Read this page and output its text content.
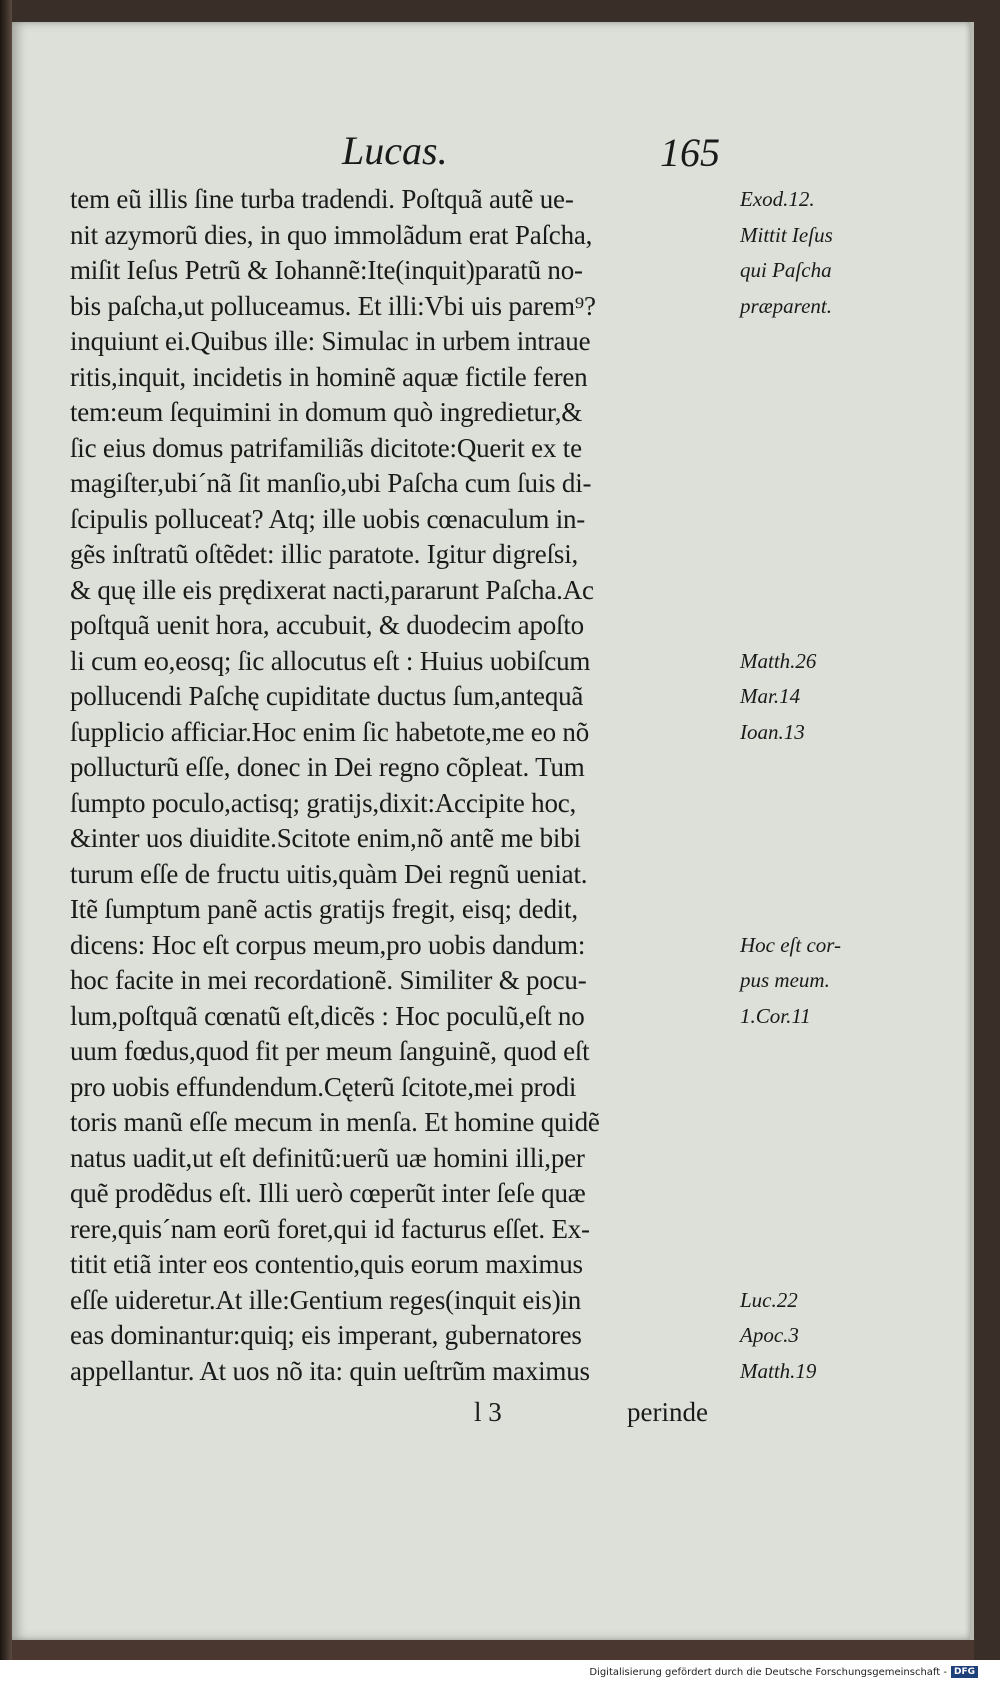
Lucas.	165
tem eũ illis ſine turba tradendi. Poſtquã autẽ ue-
nit azymorũ dies, in quo immolãdum erat Paſcha,
miſit Ieſus Petrũ & Iohannẽ:Ite(inquit)paratũ no-
bis paſcha,ut polluceamus. Et illi:Vbi uis parem⁹?
inquiunt ei.Quibus ille: Simulac in urbem intraue
ritis,inquit, incidetis in hominẽ aquæ fictile feren
tem:eum ſequimini in domum quò ingredietur,&
ſic eius domus patrifamiliãs dicitote:Querit ex te
magiſter,ubi´nã ſit manſio,ubi Paſcha cum ſuis di-
ſcipulis polluceat? Atq; ille uobis cœnaculum in-
gẽs inſtratũ oſtẽdet: illic paratote. Igitur digreſsi,
& quę ille eis prędixerat nacti,pararunt Paſcha.Ac
poſtquã uenit hora, accubuit, & duodecim apoſto
li cum eo,eosq; ſic allocutus eſt : Huius uobiſcum
pollucendi Paſchę cupiditate ductus ſum,antequã
ſupplicio afficiar.Hoc enim ſic habetote,me eo nõ
pollucturũ eſſe, donec in Dei regno cõpleat. Tum
ſumpto poculo,actisq; gratijs,dixit:Accipite hoc,
&inter uos diuidite.Scitote enim,nõ antẽ me bibi
turum eſſe de fructu uitis,quàm Dei regnũ ueniat.
Itẽ ſumptum panẽ actis gratijs fregit, eisq; dedit,
dicens: Hoc eſt corpus meum,pro uobis dandum:
hoc facite in mei recordationẽ. Similiter & pocu-
lum,poſtquã cœnatũ eſt,dicẽs : Hoc poculũ,eſt no
uum fœdus,quod fit per meum ſanguinẽ, quod eſt
pro uobis effundendum.Cęterũ ſcitote,mei prodi
toris manũ eſſe mecum in menſa. Et homine quidẽ
natus uadit,ut eſt definitũ:uerũ uæ homini illi,per
quẽ prodẽdus eſt. Illi uerò cœperũt inter ſeſe quæ
rere,quis´nam eorũ foret,qui id facturus eſſet. Ex-
titit etiã inter eos contentio,quis eorum maximus
eſſe uideretur.At ille:Gentium reges(inquit eis)in
eas dominantur:quiq; eis imperant, gubernatores
appellantur. At uos nõ ita: quin ueſtrũm maximus
Exod.12.
Mittit Ieſus
qui Paſcha
præparent.
Matth.26
Mar.14
Ioan.13
Hoc eſt cor-
pus meum.
1.Cor.11
Luc.22
Apoc.3
Matth.19
l 3	perinde
Digitalisierung gefördert durch die Deutsche Forschungsgemeinschaft - DFG
